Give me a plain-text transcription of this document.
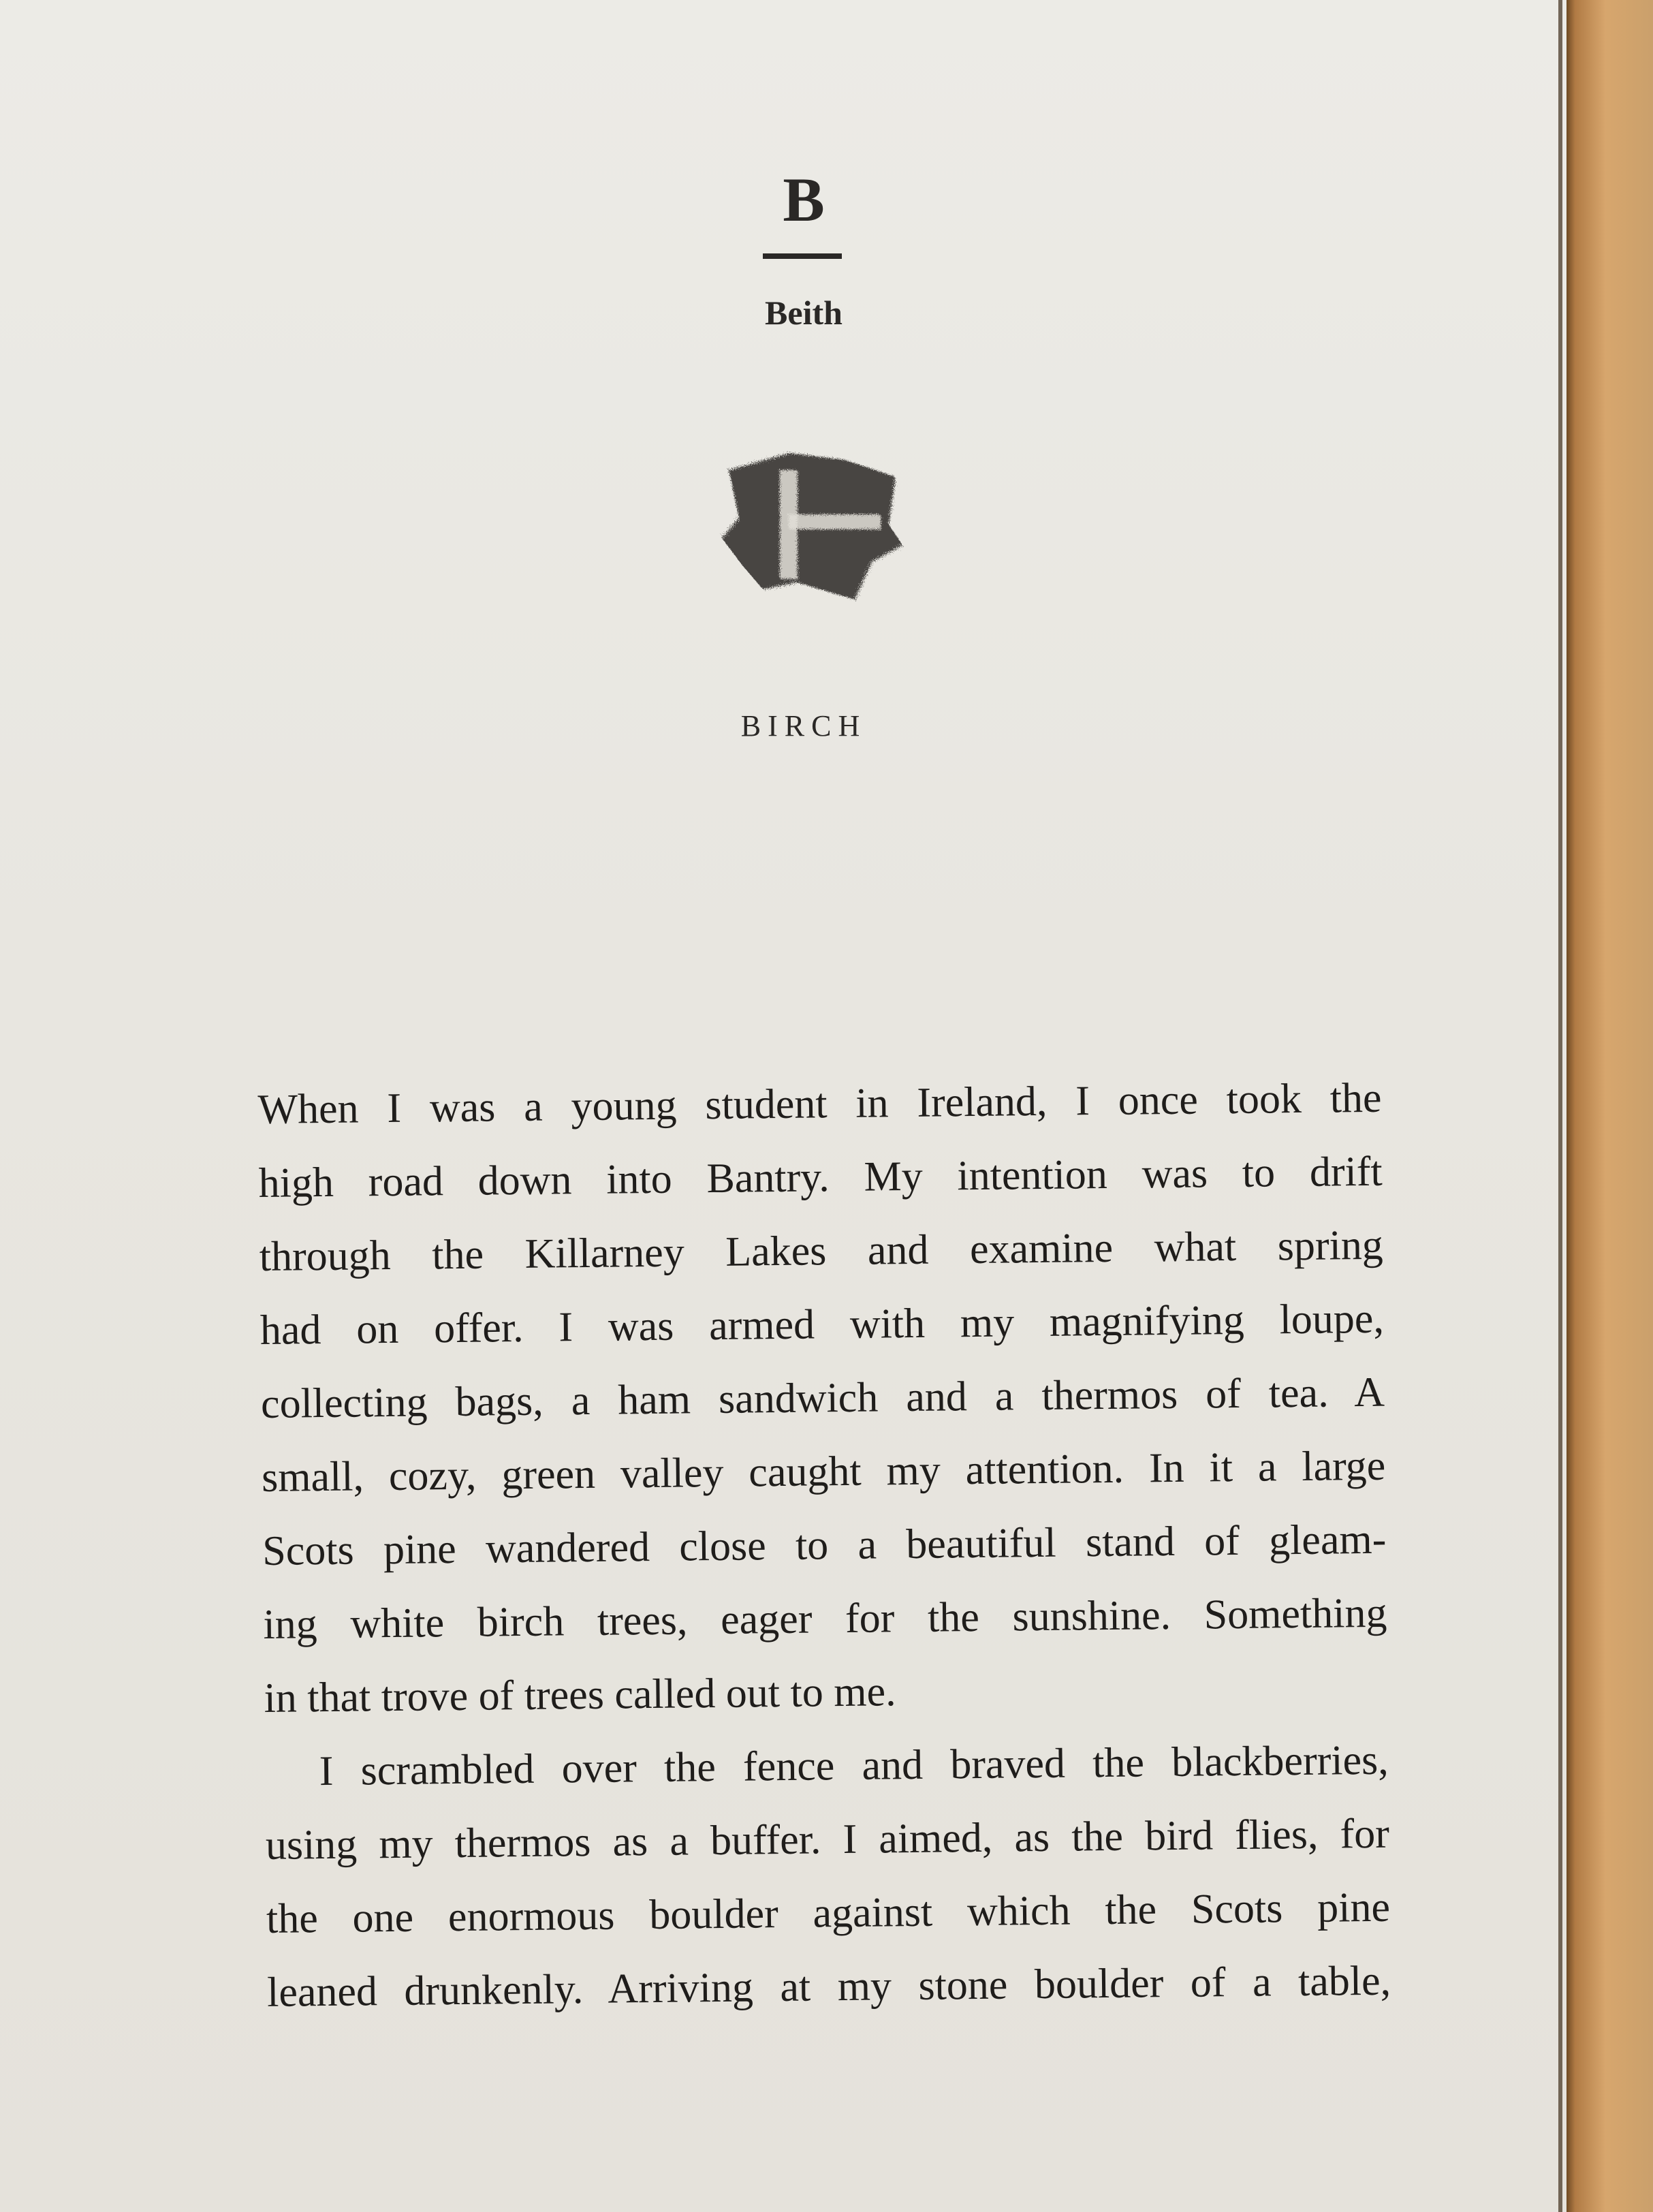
B
Beith
BIRCH
When I was a young student in Ireland, I once took the
high road down into Bantry. My intention was to drift
through the Killarney Lakes and examine what spring
had on offer. I was armed with my magnifying loupe,
collecting bags, a ham sandwich and a thermos of tea. A
small, cozy, green valley caught my attention. In it a large
Scots pine wandered close to a beautiful stand of gleam-
ing white birch trees, eager for the sunshine. Something
in that trove of trees called out to me.
I scrambled over the fence and braved the blackberries,
using my thermos as a buffer. I aimed, as the bird flies, for
the one enormous boulder against which the Scots pine
leaned drunkenly. Arriving at my stone boulder of a table,
